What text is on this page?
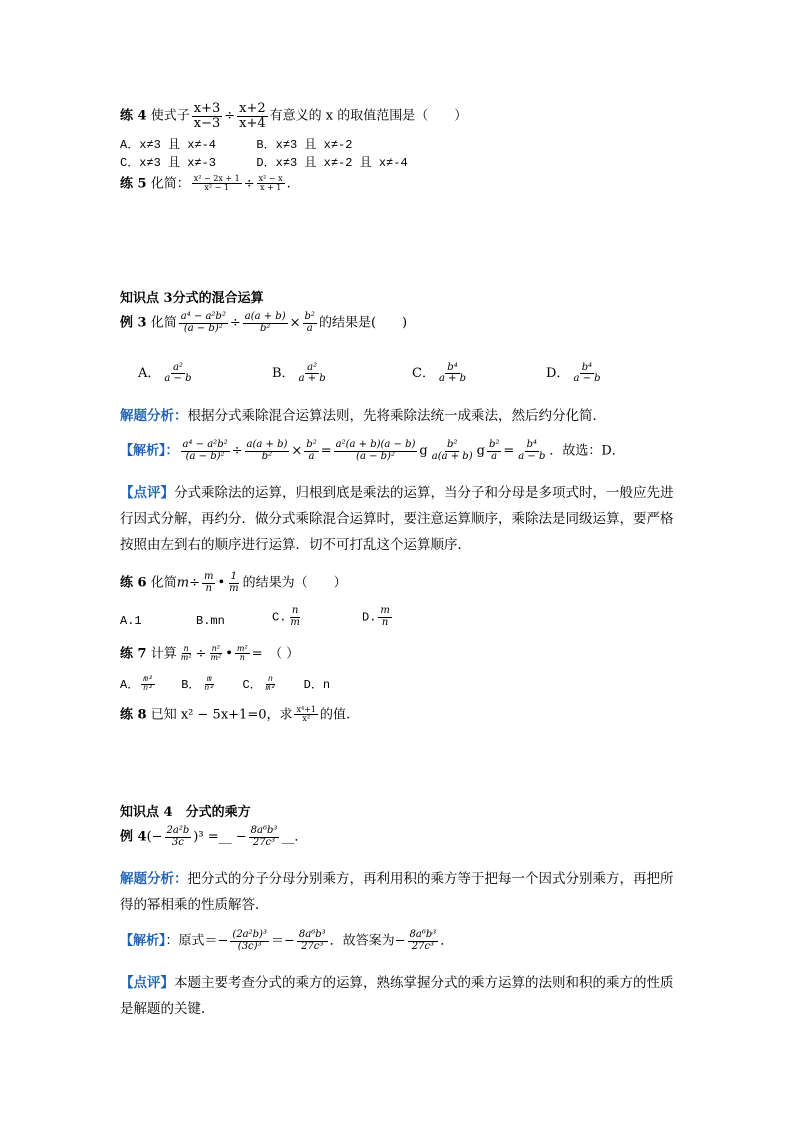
练 4 使式子 $\frac{x+3}{x-3} \div \frac{x+2}{x+4}$ 有意义的 x 的取值范围是（　　）
A．x≠3 且 x≠-4	B．x≠3 且 x≠-2
C．x≠3 且 x≠-3	D．x≠3 且 x≠-2 且 x≠-4
练 5 化简： $\frac{\text{x² − 2x + 1}}{\text{x² − 1}} \div \frac{\text{x² − x}}{x + 1}$ .
知识点 3分式的混合运算
例 3 化简 $\frac{\text{a⁴ − a²b²}}{\text{(a − b)²}} \div \frac{a(a + b)}{\text{b²}} \times \frac{\text{b²}}{a}$ 的结果是(　　)
A． $\frac{\text{a²}}{a - b}$	B． $\frac{\text{a²}}{a + b}$	C． $\frac{\text{b⁴}}{a + b}$	D． $\frac{\text{b⁴}}{a - b}$
解题分析：根据分式乘除混合运算法则，先将乘除法统一成乘法，然后约分化简．
【解析】： $\frac{\text{a⁴ − a²b²}}{\text{(a − b)²}} \div \frac{a(a + b)}{\text{b²}} \times \frac{\text{b²}}{a} = \frac{\text{a²(a + b)(a − b)}}{\text{(a − b)²}}$ g $\frac{\text{b²}}{a(a + b)}$ g $\frac{\text{b²}}{a} = \frac{\text{b⁴}}{a - b}$ ．故选：D．
【点评】分式乘除法的运算，归根到底是乘法的运算，当分子和分母是多项式时，一般应先进行因式分解，再约分．做分式乘除混合运算时，要注意运算顺序，乘除法是同级运算，要严格按照由左到右的顺序进行运算．切不可打乱这个运算顺序．
练 6 化简$m\div \frac{m}{n}$ • $\frac{1}{m}$ 的结果为（　　）
A.1	B.mn	C. $\frac{n}{m}$	D. $\frac{m}{n}$
练 7 计算 $\frac{n}{\text{m²}} \div \frac{\text{n²}}{\text{m²}}$ • $\frac{\text{m²}}{n}$ =　（ ）
A． $\frac{\text{m²}}{\text{n²}}$ B． $\frac{m}{\text{n²}}$ C． $\frac{n}{\text{m²}}$ D．n
练 8 已知 x² − 5x+1=0，求 $\frac{\text{x⁴+1}}{\text{x²}}$ 的值.
知识点 4　分式的乘方
例 $4(- \frac{\text{2a²b}}{3c} )^3$ =__ − $\frac{\text{8a⁶b³}}{\text{27c³}}$ __．
解题分析：把分式的分子分母分别乘方，再利用积的乘方等于把每一个因式分别乘方，再把所得的幂相乘的性质解答．
【解析】：原式＝− $\frac{\text{(2a²b)³}}{\text{(3c)³}} =- \frac{\text{8a⁶b³}}{\text{27c³}}$ ．故答案为− $\frac{\text{8a⁶b³}}{\text{27c³}}$ ．
【点评】本题主要考查分式的乘方的运算，熟练掌握分式的乘方运算的法则和积的乘方的性质是解题的关键．
